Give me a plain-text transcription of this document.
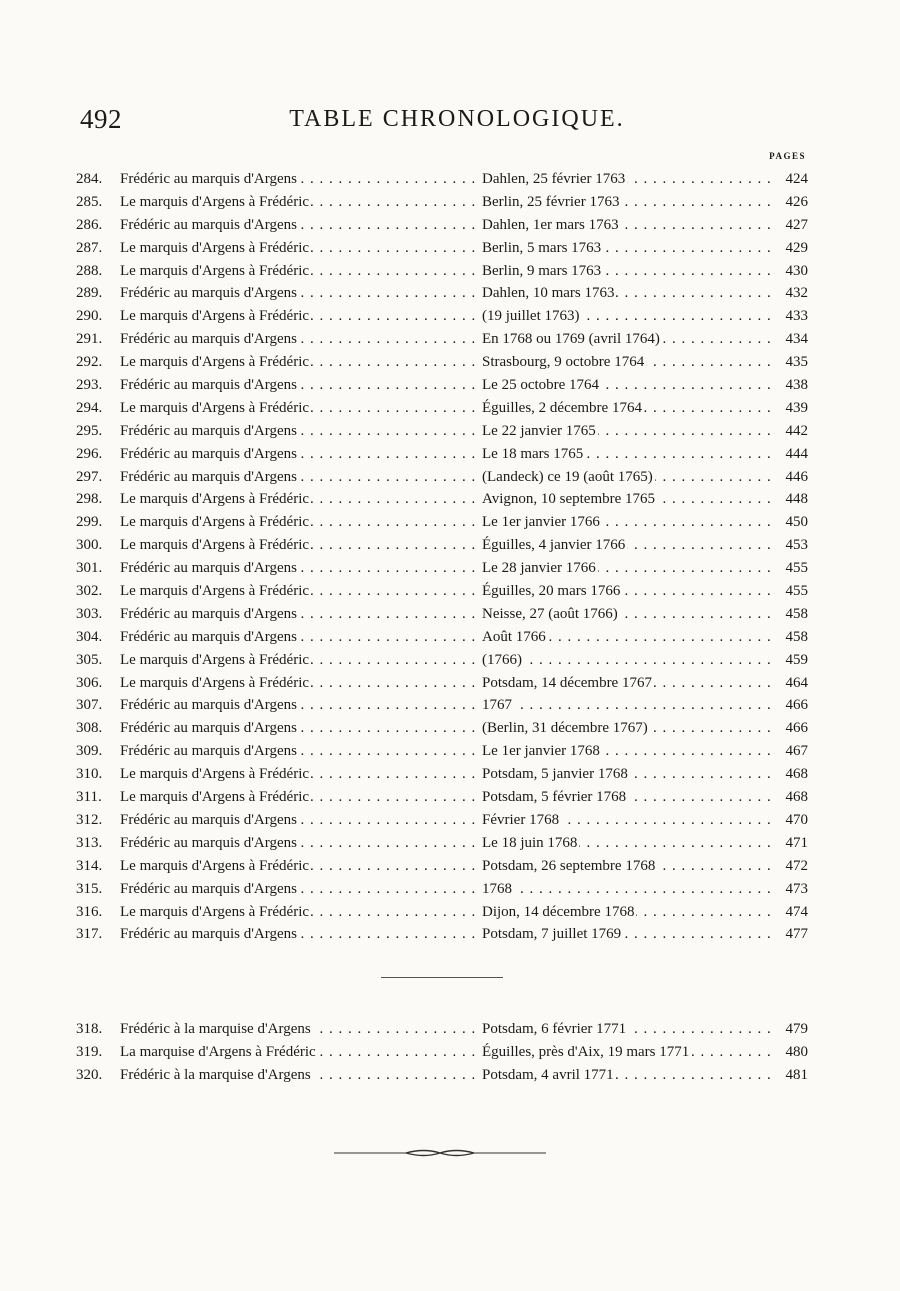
492	TABLE CHRONOLOGIQUE.
PAGES
284.	Frédéric au marquis d'Argens . . .	Dahlen, 25 février 1763 . . .	424
285.	Le marquis d'Argens à Frédéric . . .	Berlin, 25 février 1763 . . .	426
286.	Frédéric au marquis d'Argens . . .	Dahlen, 1er mars 1763 . . .	427
287.	Le marquis d'Argens à Frédéric . . .	Berlin, 5 mars 1763 . . .	429
288.	Le marquis d'Argens à Frédéric . . .	Berlin, 9 mars 1763 . . .	430
289.	Frédéric au marquis d'Argens . . .	Dahlen, 10 mars 1763 . . .	432
290.	Le marquis d'Argens à Frédéric . . .	(19 juillet 1763) . . .	433
291.	Frédéric au marquis d'Argens . . .	En 1768 ou 1769 (avril 1764) . . .	434
292.	Le marquis d'Argens à Frédéric . . .	Strasbourg, 9 octobre 1764 . . .	435
293.	Frédéric au marquis d'Argens . . .	Le 25 octobre 1764 . . .	438
294.	Le marquis d'Argens à Frédéric . . .	Éguilles, 2 décembre 1764 . . .	439
295.	Frédéric au marquis d'Argens . . .	Le 22 janvier 1765 . . .	442
296.	Frédéric au marquis d'Argens . . .	Le 18 mars 1765 . . .	444
297.	Frédéric au marquis d'Argens . . .	(Landeck) ce 19 (août 1765) . . .	446
298.	Le marquis d'Argens à Frédéric . . .	Avignon, 10 septembre 1765 . . .	448
299.	Le marquis d'Argens à Frédéric . . .	Le 1er janvier 1766 . . .	450
300.	Le marquis d'Argens à Frédéric . . .	Éguilles, 4 janvier 1766 . . .	453
301.	Frédéric au marquis d'Argens . . .	Le 28 janvier 1766 . . .	455
302.	Le marquis d'Argens à Frédéric . . .	Éguilles, 20 mars 1766 . . .	455
303.	Frédéric au marquis d'Argens . . .	Neisse, 27 (août 1766) . . .	458
304.	Frédéric au marquis d'Argens . . .	Août 1766 . . .	458
305.	Le marquis d'Argens à Frédéric . . .	(1766) . . .	459
306.	Le marquis d'Argens à Frédéric . . .	Potsdam, 14 décembre 1767 . . .	464
307.	Frédéric au marquis d'Argens . . .	1767 . . .	466
308.	Frédéric au marquis d'Argens . . .	(Berlin, 31 décembre 1767) . . .	466
309.	Frédéric au marquis d'Argens . . .	Le 1er janvier 1768 . . .	467
310.	Le marquis d'Argens à Frédéric . . .	Potsdam, 5 janvier 1768 . . .	468
311.	Le marquis d'Argens à Frédéric . . .	Potsdam, 5 février 1768 . . .	468
312.	Frédéric au marquis d'Argens . . .	Février 1768 . . .	470
313.	Frédéric au marquis d'Argens . . .	Le 18 juin 1768 . . .	471
314.	Le marquis d'Argens à Frédéric . . .	Potsdam, 26 septembre 1768 . . .	472
315.	Frédéric au marquis d'Argens . . .	1768 . . .	473
316.	Le marquis d'Argens à Frédéric . . .	Dijon, 14 décembre 1768 . . .	474
317.	Frédéric au marquis d'Argens . . .	Potsdam, 7 juillet 1769 . . .	477
318.	Frédéric à la marquise d'Argens . . .	Potsdam, 6 février 1771 . . .	479
319.	La marquise d'Argens à Frédéric . . .	Éguilles, près d'Aix, 19 mars 1771 . . .	480
320.	Frédéric à la marquise d'Argens . . .	Potsdam, 4 avril 1771 . . .	481
